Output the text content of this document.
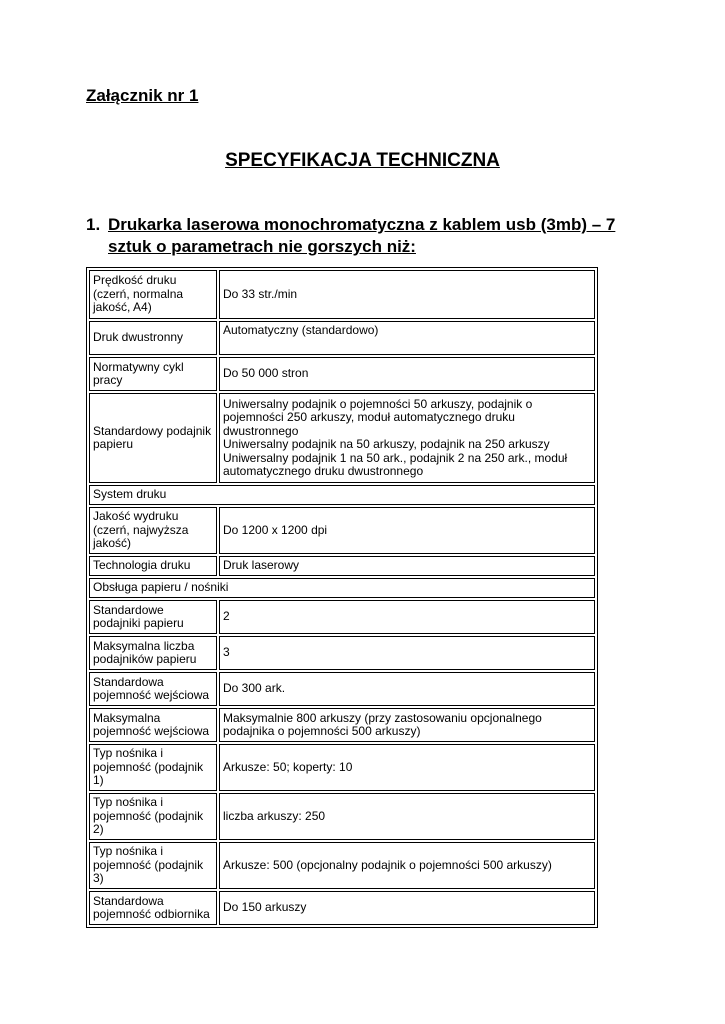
Załącznik nr 1
SPECYFIKACJA TECHNICZNA
1. Drukarka laserowa monochromatyczna z kablem usb (3mb) – 7 sztuk o parametrach nie gorszych niż:
Prędkość druku (czerń, normalna jakość, A4)	Do 33 str./min
Druk dwustronny	Automatyczny (standardowo)
Normatywny cykl pracy	Do 50 000 stron
Standardowy podajnik papieru	Uniwersalny podajnik o pojemności 50 arkuszy, podajnik o pojemności 250 arkuszy, moduł automatycznego druku dwustronnego
Uniwersalny podajnik na 50 arkuszy, podajnik na 250 arkuszy
Uniwersalny podajnik 1 na 50 ark., podajnik 2 na 250 ark., moduł automatycznego druku dwustronnego
System druku	
Jakość wydruku (czerń, najwyższa jakość)	Do 1200 x 1200 dpi
Technologia druku	Druk laserowy
Obsługa papieru / nośniki	
Standardowe podajniki papieru	2
Maksymalna liczba podajników papieru	3
Standardowa pojemność wejściowa	Do 300 ark.
Maksymalna pojemność wejściowa	Maksymalnie 800 arkuszy (przy zastosowaniu opcjonalnego podajnika o pojemności 500 arkuszy)
Typ nośnika i pojemność (podajnik 1)	Arkusze: 50; koperty: 10
Typ nośnika i pojemność (podajnik 2)	liczba arkuszy: 250
Typ nośnika i pojemność (podajnik 3)	Arkusze: 500 (opcjonalny podajnik o pojemności 500 arkuszy)
Standardowa pojemność odbiornika	Do 150 arkuszy
